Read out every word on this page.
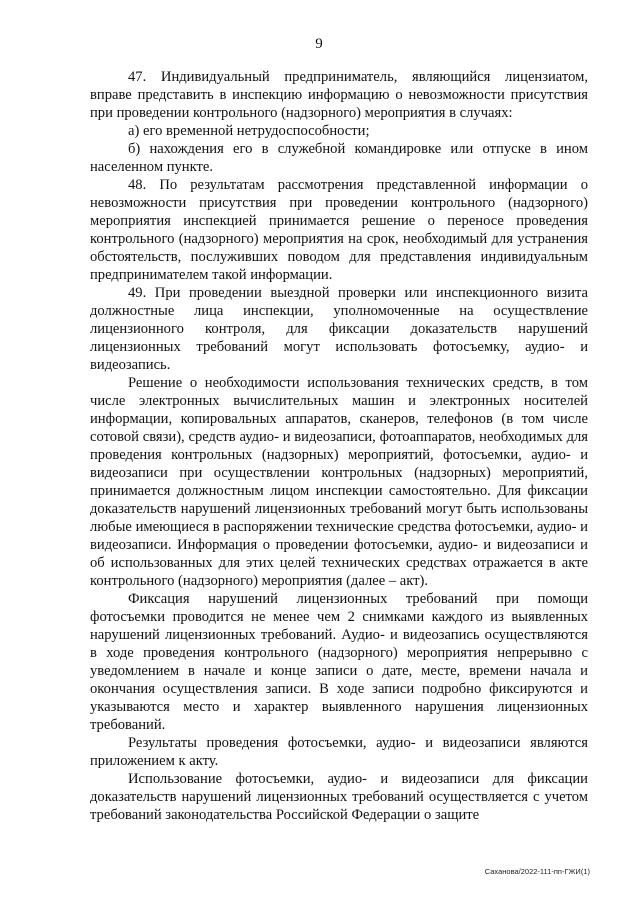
9

47. Индивидуальный предприниматель, являющийся лицензиатом, вправе представить в инспекцию информацию о невозможности присутствия при проведении контрольного (надзорного) мероприятия в случаях:

а) его временной нетрудоспособности;

б) нахождения его в служебной командировке или отпуске в ином населенном пункте.

48. По результатам рассмотрения представленной информации о невозможности присутствия при проведении контрольного (надзорного) мероприятия инспекцией принимается решение о переносе проведения контрольного (надзорного) мероприятия на срок, необходимый для устранения обстоятельств, послуживших поводом для представления индивидуальным предпринимателем такой информации.

49. При проведении выездной проверки или инспекционного визита должностные лица инспекции, уполномоченные на осуществление лицензионного контроля, для фиксации доказательств нарушений лицензионных требований могут использовать фотосъемку, аудио- и видеозапись.

Решение о необходимости использования технических средств, в том числе электронных вычислительных машин и электронных носителей информации, копировальных аппаратов, сканеров, телефонов (в том числе сотовой связи), средств аудио- и видеозаписи, фотоаппаратов, необходимых для проведения контрольных (надзорных) мероприятий, фотосъемки, аудио- и видеозаписи при осуществлении контрольных (надзорных) мероприятий, принимается должностным лицом инспекции самостоятельно. Для фиксации доказательств нарушений лицензионных требований могут быть использованы любые имеющиеся в распоряжении технические средства фотосъемки, аудио- и видеозаписи. Информация о проведении фотосъемки, аудио- и видеозаписи и об использованных для этих целей технических средствах отражается в акте контрольного (надзорного) мероприятия (далее – акт).

Фиксация нарушений лицензионных требований при помощи фотосъемки проводится не менее чем 2 снимками каждого из выявленных нарушений лицензионных требований. Аудио- и видеозапись осуществляются в ходе проведения контрольного (надзорного) мероприятия непрерывно с уведомлением в начале и конце записи о дате, месте, времени начала и окончания осуществления записи. В ходе записи подробно фиксируются и указываются место и характер выявленного нарушения лицензионных требований.

Результаты проведения фотосъемки, аудио- и видеозаписи являются приложением к акту.

Использование фотосъемки, аудио- и видеозаписи для фиксации доказательств нарушений лицензионных требований осуществляется с учетом требований законодательства Российской Федерации о защите

Саханова/2022-111-пп-ГЖИ(1)
